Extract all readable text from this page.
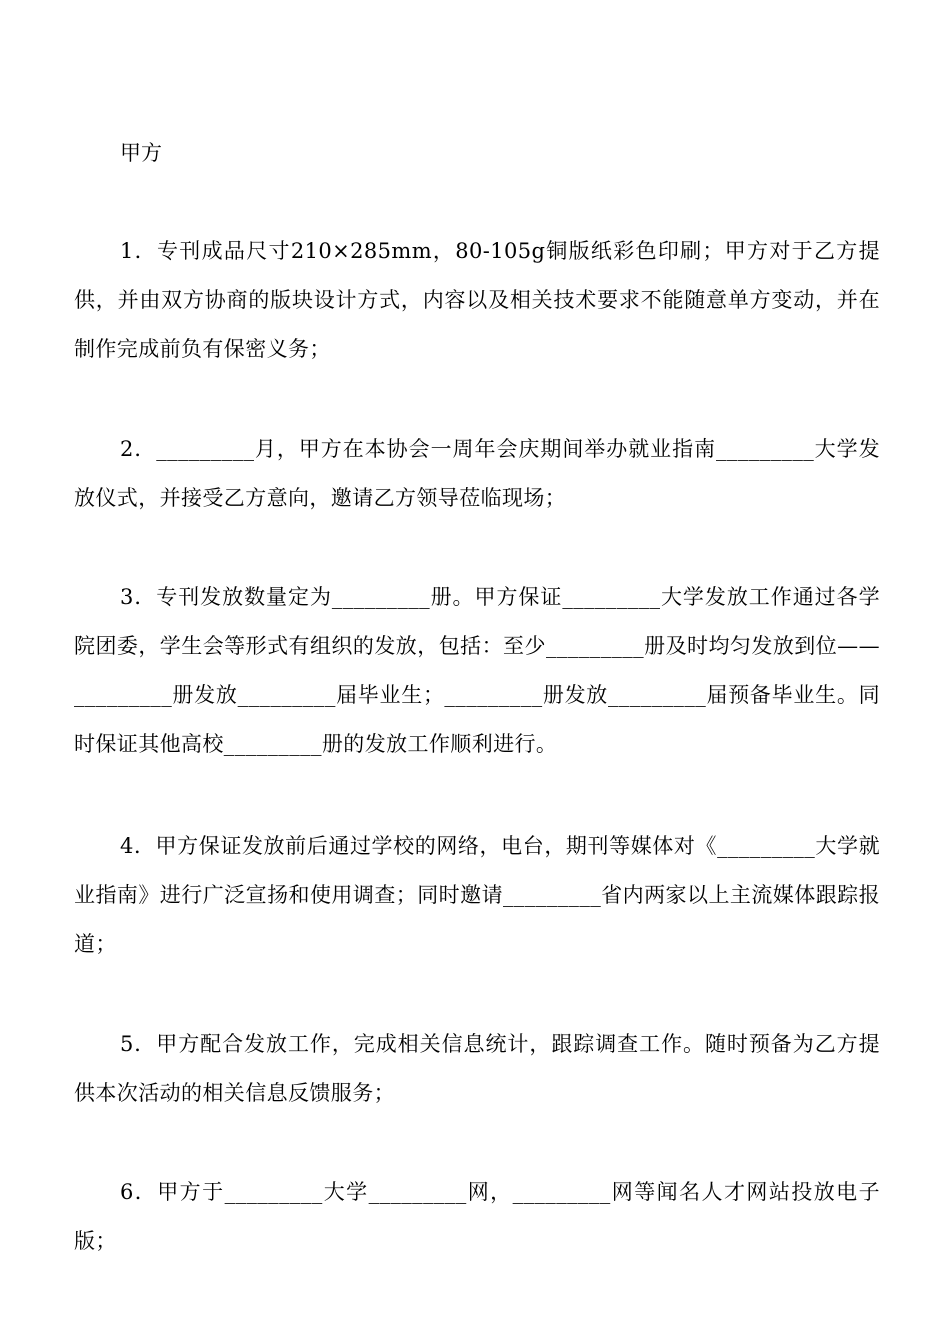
甲方

1．专刊成品尺寸210×285mm，80-105g铜版纸彩色印刷；甲方对于乙方提供，并由双方协商的版块设计方式，内容以及相关技术要求不能随意单方变动，并在制作完成前负有保密义务；

2．_________月，甲方在本协会一周年会庆期间举办就业指南_________大学发放仪式，并接受乙方意向，邀请乙方领导莅临现场；

3．专刊发放数量定为_________册。甲方保证_________大学发放工作通过各学院团委，学生会等形式有组织的发放，包括：至少_________册及时均匀发放到位——_________册发放_________届毕业生；_________册发放_________届预备毕业生。同时保证其他高校_________册的发放工作顺利进行。

4．甲方保证发放前后通过学校的网络，电台，期刊等媒体对《_________大学就业指南》进行广泛宣扬和使用调查；同时邀请_________省内两家以上主流媒体跟踪报道；

5．甲方配合发放工作，完成相关信息统计，跟踪调查工作。随时预备为乙方提供本次活动的相关信息反馈服务；

6．甲方于_________大学_________网，_________网等闻名人才网站投放电子版；
